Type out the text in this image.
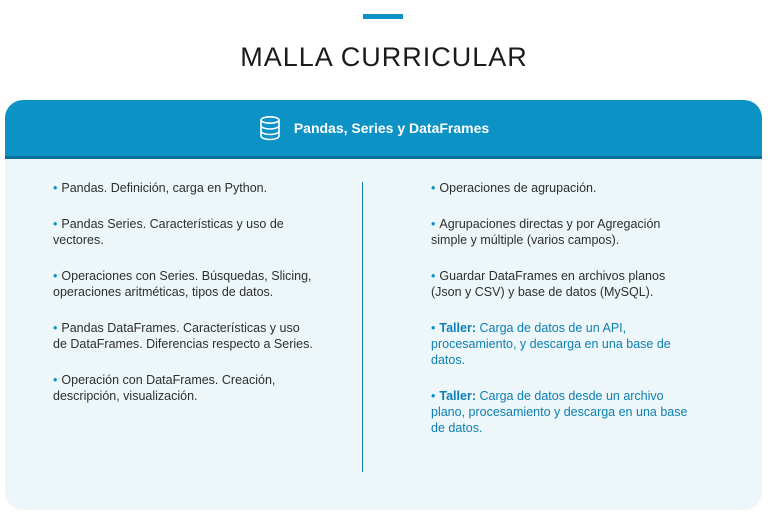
MALLA CURRICULAR
Pandas, Series y DataFrames

• Pandas. Definición, carga en Python.

• Pandas Series. Características y uso de vectores.

• Operaciones con Series. Búsquedas, Slicing, operaciones aritméticas, tipos de datos.

• Pandas DataFrames. Características y uso de DataFrames. Diferencias respecto a Series.

• Operación con DataFrames. Creación, descripción, visualización.

• Operaciones de agrupación.

• Agrupaciones directas y por Agregación simple y múltiple (varios campos).

• Guardar DataFrames en archivos planos (Json y CSV) y base de datos (MySQL).

• Taller: Carga de datos de un API, procesamiento, y descarga en una base de datos.

• Taller: Carga de datos desde un archivo plano, procesamiento y descarga en una base de datos.
